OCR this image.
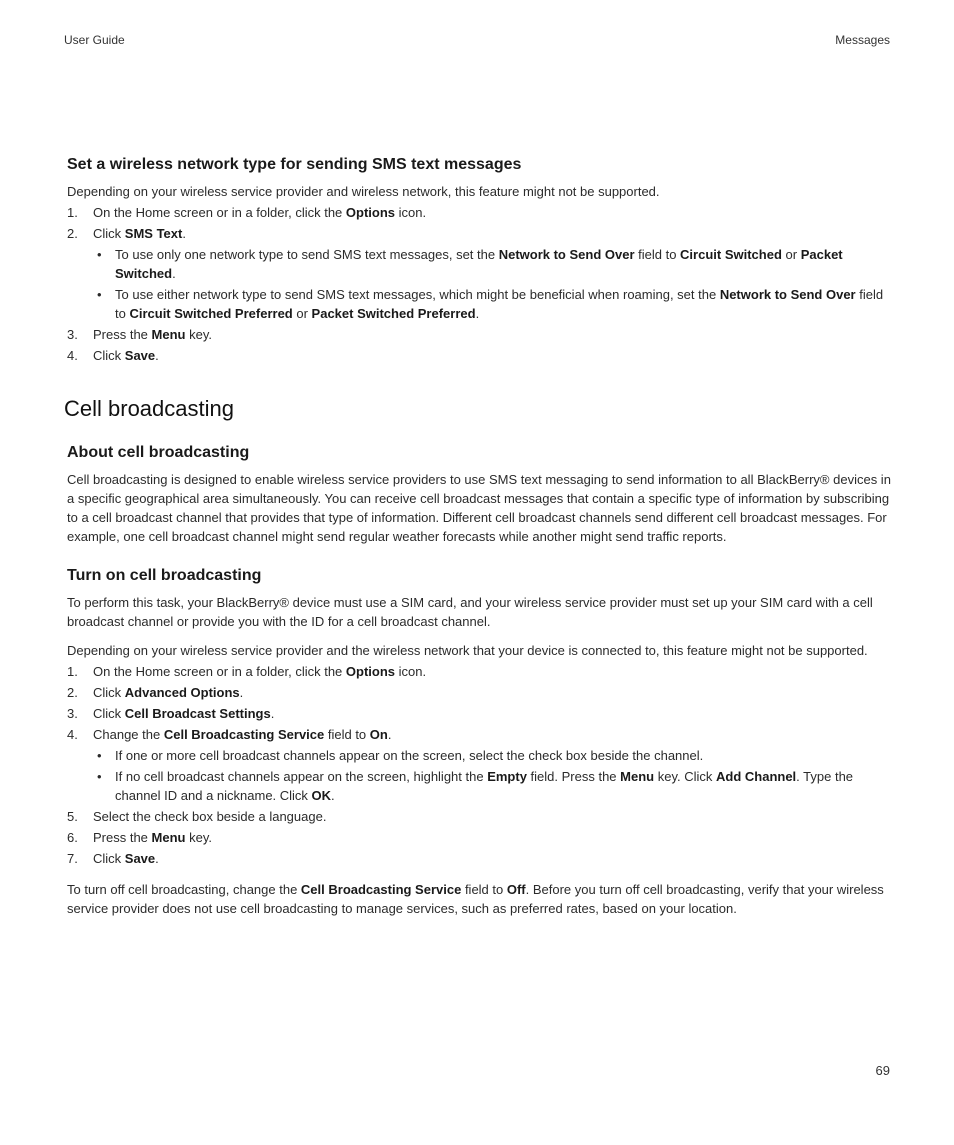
User Guide	Messages
Set a wireless network type for sending SMS text messages

Depending on your wireless service provider and wireless network, this feature might not be supported.

1. On the Home screen or in a folder, click the Options icon.
2. Click SMS Text.
• To use only one network type to send SMS text messages, set the Network to Send Over field to Circuit Switched or Packet Switched.
• To use either network type to send SMS text messages, which might be beneficial when roaming, set the Network to Send Over field to Circuit Switched Preferred or Packet Switched Preferred.
3. Press the Menu key.
4. Click Save.
Cell broadcasting
About cell broadcasting

Cell broadcasting is designed to enable wireless service providers to use SMS text messaging to send information to all BlackBerry® devices in a specific geographical area simultaneously. You can receive cell broadcast messages that contain a specific type of information by subscribing to a cell broadcast channel that provides that type of information. Different cell broadcast channels send different cell broadcast messages. For example, one cell broadcast channel might send regular weather forecasts while another might send traffic reports.

Turn on cell broadcasting

To perform this task, your BlackBerry® device must use a SIM card, and your wireless service provider must set up your SIM card with a cell broadcast channel or provide you with the ID for a cell broadcast channel.

Depending on your wireless service provider and the wireless network that your device is connected to, this feature might not be supported.

1. On the Home screen or in a folder, click the Options icon.
2. Click Advanced Options.
3. Click Cell Broadcast Settings.
4. Change the Cell Broadcasting Service field to On.
• If one or more cell broadcast channels appear on the screen, select the check box beside the channel.
• If no cell broadcast channels appear on the screen, highlight the Empty field. Press the Menu key. Click Add Channel. Type the channel ID and a nickname. Click OK.
5. Select the check box beside a language.
6. Press the Menu key.
7. Click Save.

To turn off cell broadcasting, change the Cell Broadcasting Service field to Off. Before you turn off cell broadcasting, verify that your wireless service provider does not use cell broadcasting to manage services, such as preferred rates, based on your location.

69
